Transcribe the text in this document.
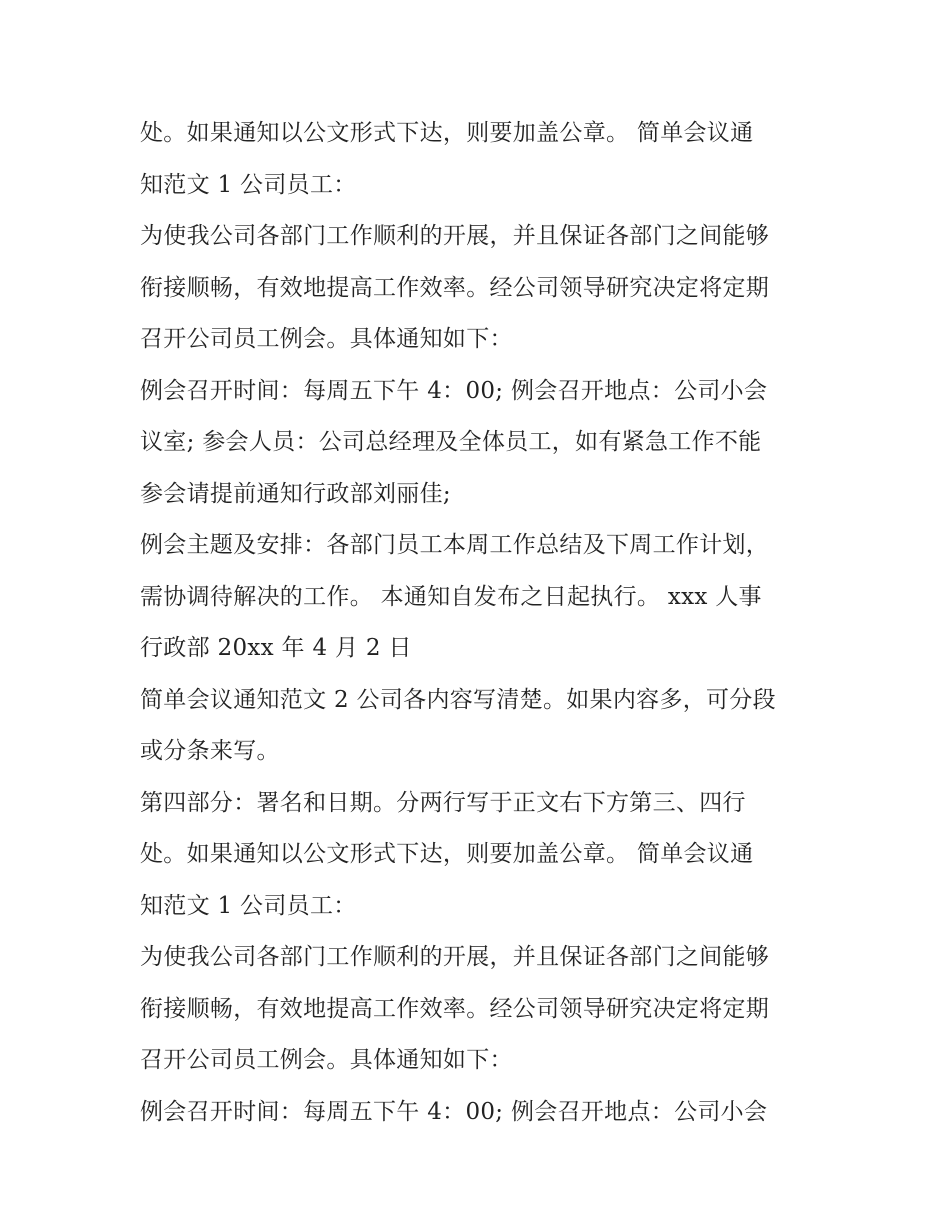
处。如果通知以公文形式下达，则要加盖公章。 简单会议通
知范文 1 公司员工：
为使我公司各部门工作顺利的开展，并且保证各部门之间能够
衔接顺畅，有效地提高工作效率。经公司领导研究决定将定期
召开公司员工例会。具体通知如下：
例会召开时间：每周五下午 4：00; 例会召开地点：公司小会
议室; 参会人员：公司总经理及全体员工，如有紧急工作不能
参会请提前通知行政部刘丽佳;
例会主题及安排：各部门员工本周工作总结及下周工作计划，
需协调待解决的工作。 本通知自发布之日起执行。 xxx 人事
行政部 20xx 年 4 月 2 日
简单会议通知范文 2 公司各内容写清楚。如果内容多，可分段
或分条来写。
第四部分：署名和日期。分两行写于正文右下方第三、四行
处。如果通知以公文形式下达，则要加盖公章。 简单会议通
知范文 1 公司员工：
为使我公司各部门工作顺利的开展，并且保证各部门之间能够
衔接顺畅，有效地提高工作效率。经公司领导研究决定将定期
召开公司员工例会。具体通知如下：
例会召开时间：每周五下午 4：00; 例会召开地点：公司小会
